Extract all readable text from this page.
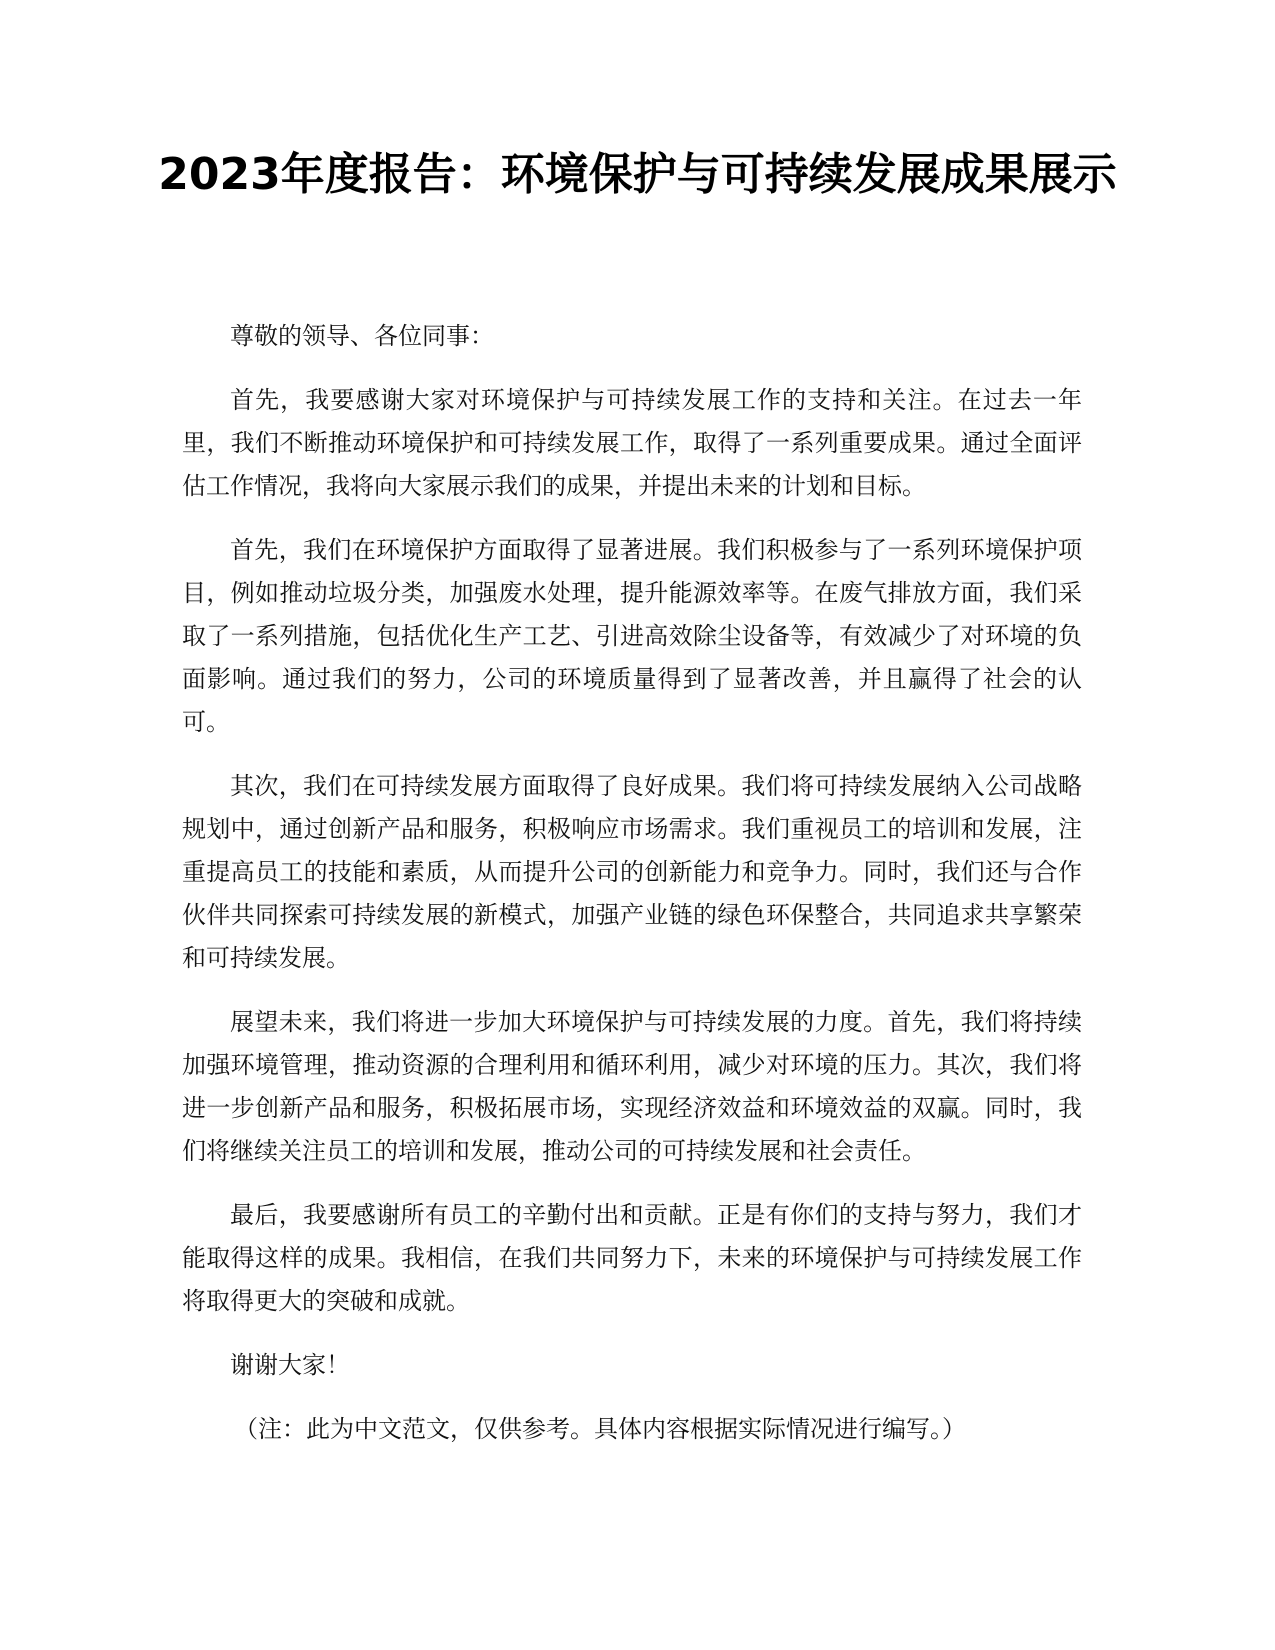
2023年度报告：环境保护与可持续发展成果展示

尊敬的领导、各位同事：

首先，我要感谢大家对环境保护与可持续发展工作的支持和关注。在过去一年里，我们不断推动环境保护和可持续发展工作，取得了一系列重要成果。通过全面评估工作情况，我将向大家展示我们的成果，并提出未来的计划和目标。

首先，我们在环境保护方面取得了显著进展。我们积极参与了一系列环境保护项目，例如推动垃圾分类，加强废水处理，提升能源效率等。在废气排放方面，我们采取了一系列措施，包括优化生产工艺、引进高效除尘设备等，有效减少了对环境的负面影响。通过我们的努力，公司的环境质量得到了显著改善，并且赢得了社会的认可。

其次，我们在可持续发展方面取得了良好成果。我们将可持续发展纳入公司战略规划中，通过创新产品和服务，积极响应市场需求。我们重视员工的培训和发展，注重提高员工的技能和素质，从而提升公司的创新能力和竞争力。同时，我们还与合作伙伴共同探索可持续发展的新模式，加强产业链的绿色环保整合，共同追求共享繁荣和可持续发展。

展望未来，我们将进一步加大环境保护与可持续发展的力度。首先，我们将持续加强环境管理，推动资源的合理利用和循环利用，减少对环境的压力。其次，我们将进一步创新产品和服务，积极拓展市场，实现经济效益和环境效益的双赢。同时，我们将继续关注员工的培训和发展，推动公司的可持续发展和社会责任。

最后，我要感谢所有员工的辛勤付出和贡献。正是有你们的支持与努力，我们才能取得这样的成果。我相信，在我们共同努力下，未来的环境保护与可持续发展工作将取得更大的突破和成就。

谢谢大家！

（注：此为中文范文，仅供参考。具体内容根据实际情况进行编写。）
